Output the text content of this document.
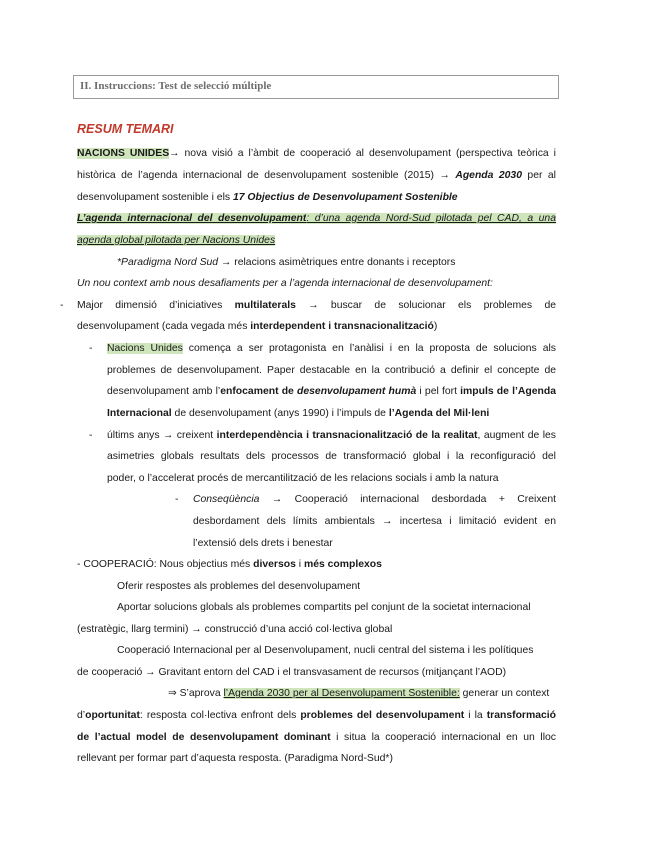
II. Instruccions: Test de selecció múltiple
RESUM TEMARI
NACIONS UNIDES→ nova visió a l’àmbit de cooperació al desenvolupament (perspectiva teòrica i
històrica de l’agenda internacional de desenvolupament sostenible (2015) → Agenda 2030 per al
desenvolupament sostenible i els 17 Objectius de Desenvolupament Sostenible
L’agenda internacional del desenvolupament: d’una agenda Nord-Sud pilotada pel CAD, a una
agenda global pilotada per Nacions Unides
*Paradigma Nord Sud → relacions asimètriques entre donants i receptors
Un nou context amb nous desafiaments per a l’agenda internacional de desenvolupament:
- Major dimensió d’iniciatives multilaterals → buscar de solucionar els problemes de
desenvolupament (cada vegada més interdependent i transnacionalització)
- Nacions Unides comença a ser protagonista en l’anàlisi i en la proposta de solucions als
problemes de desenvolupament. Paper destacable en la contribució a definir el concepte de
desenvolupament amb l’enfocament de desenvolupament humà i pel fort impuls de l’Agenda
Internacional de desenvolupament (anys 1990) i l’impuls de l’Agenda del Mil·leni
- últims anys → creixent interdependència i transnacionalització de la realitat, augment de les
asimetries globals resultats dels processos de transformació global i la reconfiguració del
poder, o l’accelerat procés de mercantilització de les relacions socials i amb la natura
- Conseqüència → Cooperació internacional desbordada + Creixent
desbordament dels límits ambientals → incertesa i limitació evident en
l’extensió dels drets i benestar
- COOPERACIÓ: Nous objectius més diversos i més complexos
Oferir respostes als problemes del desenvolupament
Aportar solucions globals als problemes compartits pel conjunt de la societat internacional
(estratègic, llarg termini) → construcció d’una acció col·lectiva global
Cooperació Internacional per al Desenvolupament, nucli central del sistema i les polítiques
de cooperació → Gravitant entorn del CAD i el transvasament de recursos (mitjançant l’AOD)
⇒ S’aprova l’Agenda 2030 per al Desenvolupament Sostenible: generar un context
d’oportunitat: resposta col·lectiva enfront dels problemes del desenvolupament i la transformació
de l’actual model de desenvolupament dominant i situa la cooperació internacional en un lloc
rellevant per formar part d’aquesta resposta. (Paradigma Nord-Sud*)
